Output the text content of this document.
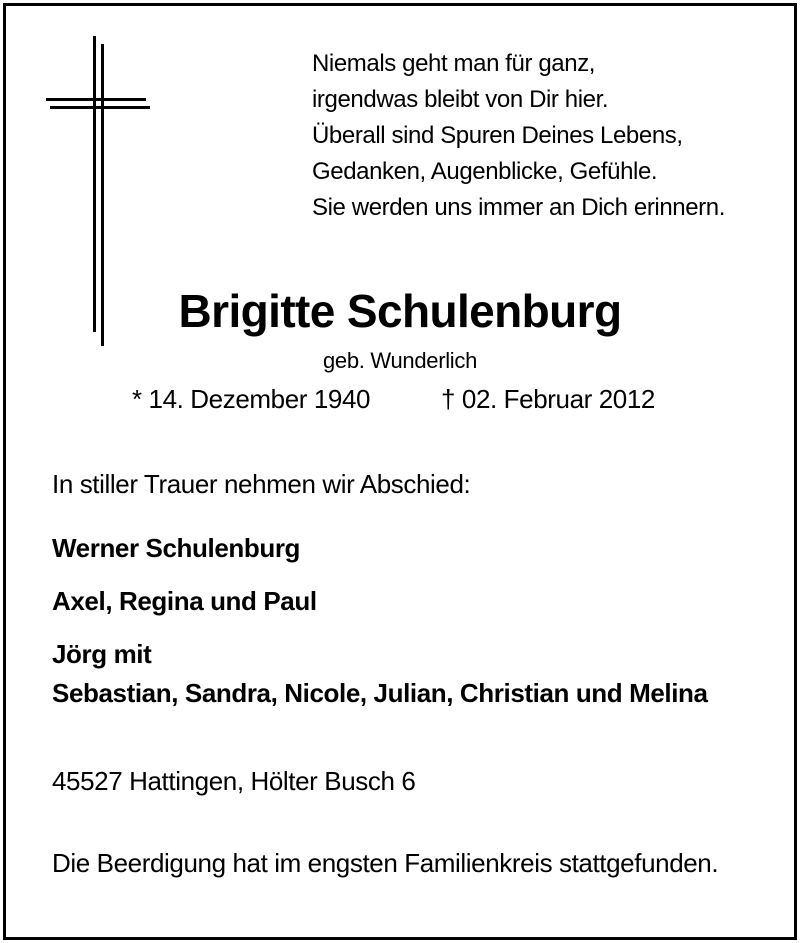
Niemals geht man für ganz,
irgendwas bleibt von Dir hier.
Überall sind Spuren Deines Lebens,
Gedanken, Augenblicke, Gefühle.
Sie werden uns immer an Dich erinnern.
Brigitte Schulenburg
geb. Wunderlich
* 14. Dezember 1940	† 02. Februar 2012
In stiller Trauer nehmen wir Abschied:
Werner Schulenburg
Axel, Regina und Paul
Jörg mit
Sebastian, Sandra, Nicole, Julian, Christian und Melina
45527 Hattingen, Hölter Busch 6
Die Beerdigung hat im engsten Familienkreis stattgefunden.
